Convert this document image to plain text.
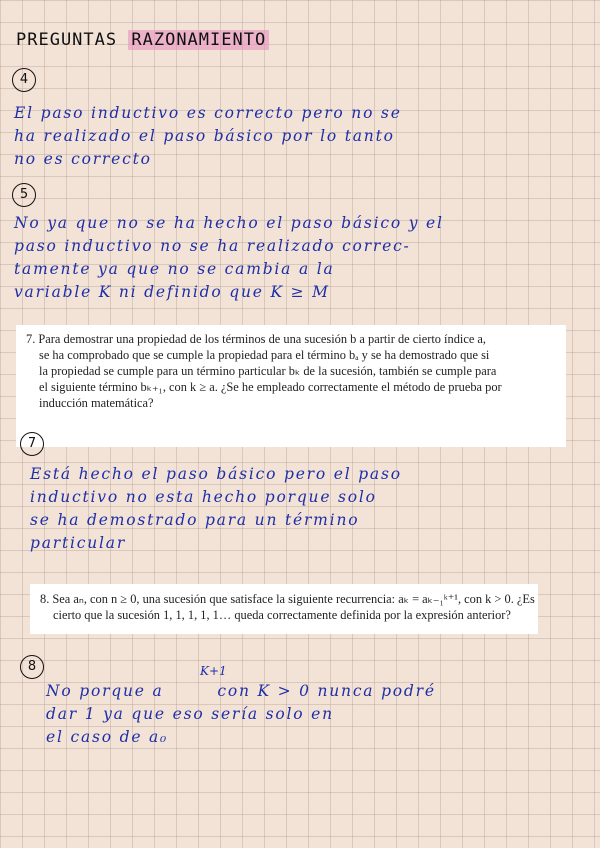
PREGUNTAS RAZONAMIENTO
4
El paso inductivo es correcto pero no se
ha realizado el paso básico por lo tanto
no es correcto
5
No ya que no se ha hecho el paso básico y el
paso inductivo no se ha realizado correc-
tamente ya que no se cambia a la
variable K ni definido que K ≥ M
7. Para demostrar una propiedad de los términos de una sucesión b a partir de cierto índice a,
se ha comprobado que se cumple la propiedad para el término bₐ y se ha demostrado que si
la propiedad se cumple para un término particular bₖ de la sucesión, también se cumple para
el siguiente término bₖ₊₁, con k ≥ a. ¿Se he empleado correctamente el método de prueba por
inducción matemática?
7
Está hecho el paso básico pero el paso
inductivo no esta hecho porque solo
se ha demostrado para un término
particular
8. Sea aₙ, con n ≥ 0, una sucesión que satisface la siguiente recurrencia: aₖ = aₖ₋₁ᵏ⁺¹, con k > 0. ¿Es
cierto que la sucesión 1, 1, 1, 1, 1… queda correctamente definida por la expresión anterior?
8	K+1
No porque a        con K > 0 nunca podré
dar 1 ya que eso sería solo en
el caso de a₀
